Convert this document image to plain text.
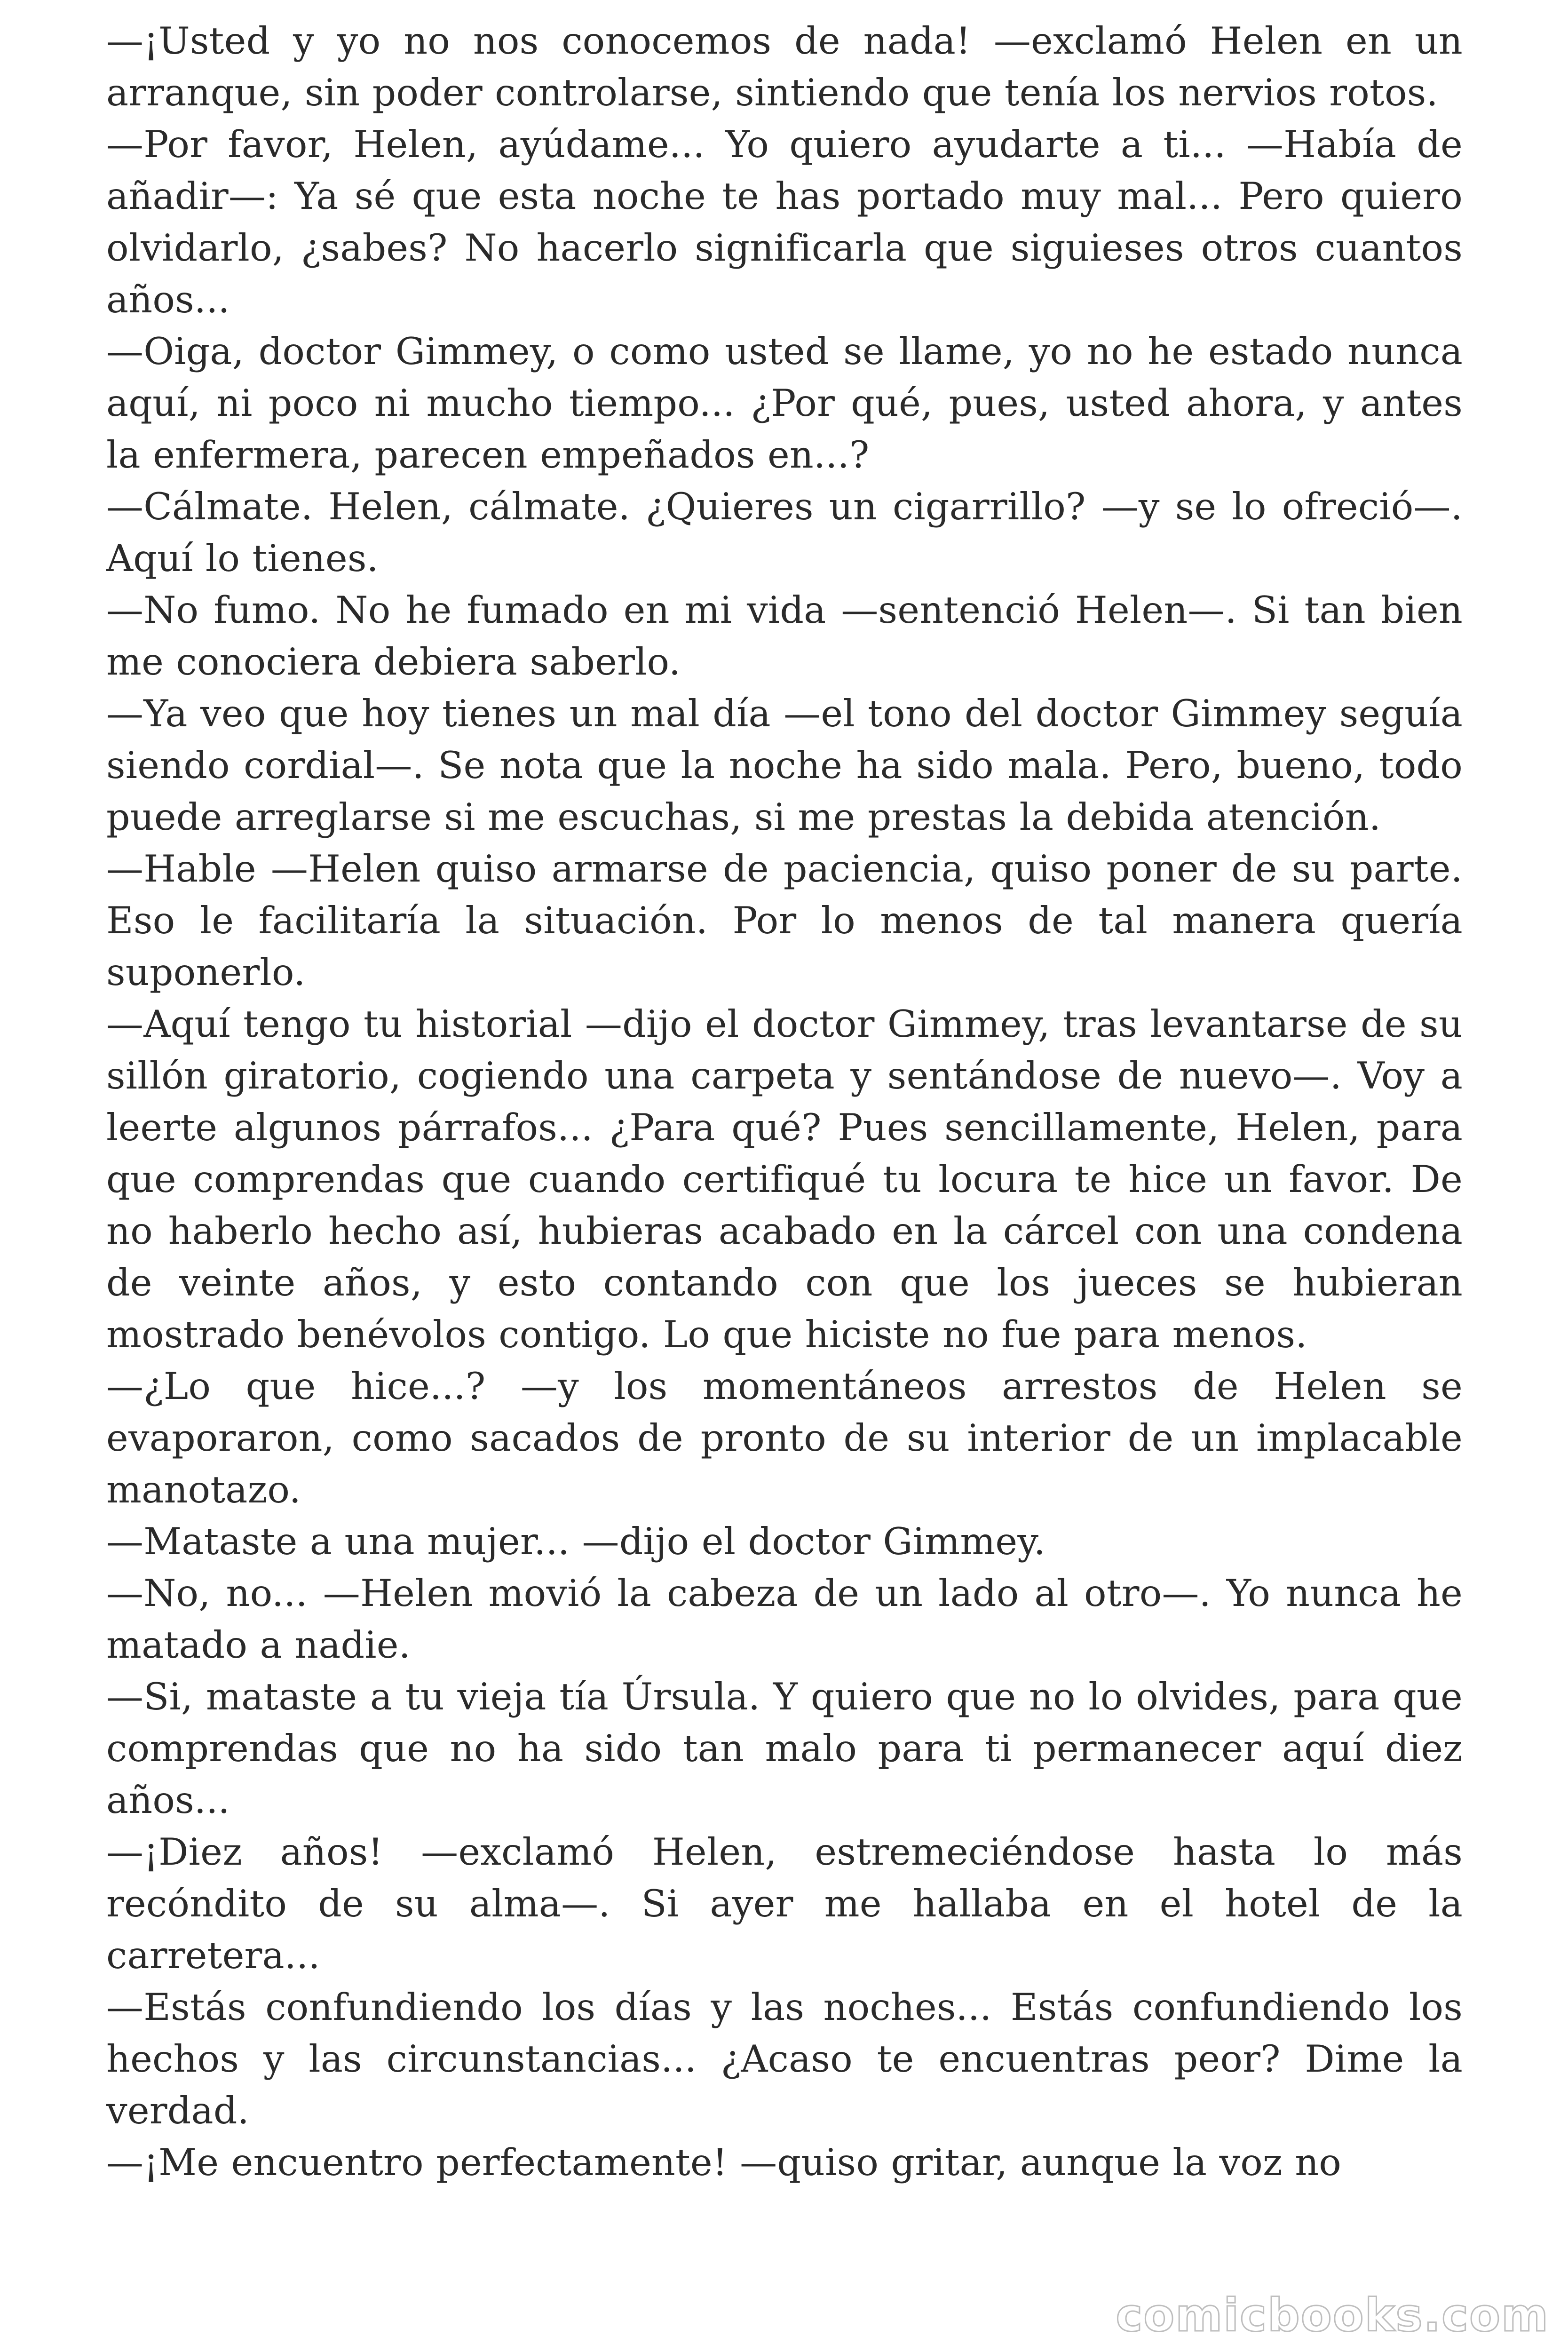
—¡Usted y yo no nos conocemos de nada! —exclamó Helen en un arranque, sin poder controlarse, sintiendo que tenía los nervios rotos.

—Por favor, Helen, ayúdame... Yo quiero ayudarte a ti... —Había de añadir—: Ya sé que esta noche te has portado muy mal... Pero quiero olvidarlo, ¿sabes? No hacerlo significarla que siguieses otros cuantos años...

—Oiga, doctor Gimmey, o como usted se llame, yo no he estado nunca aquí, ni poco ni mucho tiempo... ¿Por qué, pues, usted ahora, y antes la enfermera, parecen empeñados en...?

—Cálmate. Helen, cálmate. ¿Quieres un cigarrillo? —y se lo ofreció—. Aquí lo tienes.

—No fumo. No he fumado en mi vida —sentenció Helen—. Si tan bien me conociera debiera saberlo.

—Ya veo que hoy tienes un mal día —el tono del doctor Gimmey seguía siendo cordial—. Se nota que la noche ha sido mala. Pero, bueno, todo puede arreglarse si me escuchas, si me prestas la debida atención.

—Hable —Helen quiso armarse de paciencia, quiso poner de su parte. Eso le facilitaría la situación. Por lo menos de tal manera quería suponerlo.

—Aquí tengo tu historial —dijo el doctor Gimmey, tras levantarse de su sillón giratorio, cogiendo una carpeta y sentándose de nuevo—. Voy a leerte algunos párrafos... ¿Para qué? Pues sencillamente, Helen, para que comprendas que cuando certifiqué tu locura te hice un favor. De no haberlo hecho así, hubieras acabado en la cárcel con una condena de veinte años, y esto contando con que los jueces se hubieran mostrado benévolos contigo. Lo que hiciste no fue para menos.

—¿Lo que hice...? —y los momentáneos arrestos de Helen se evaporaron, como sacados de pronto de su interior de un implacable manotazo.

—Mataste a una mujer... —dijo el doctor Gimmey.

—No, no... —Helen movió la cabeza de un lado al otro—. Yo nunca he matado a nadie.

—Si, mataste a tu vieja tía Úrsula. Y quiero que no lo olvides, para que comprendas que no ha sido tan malo para ti permanecer aquí diez años...

—¡Diez años! —exclamó Helen, estremeciéndose hasta lo más recóndito de su alma—. Si ayer me hallaba en el hotel de la carretera...

—Estás confundiendo los días y las noches... Estás confundiendo los hechos y las circunstancias... ¿Acaso te encuentras peor? Dime la verdad.

—¡Me encuentro perfectamente! —quiso gritar, aunque la voz no

comicbooks.com
